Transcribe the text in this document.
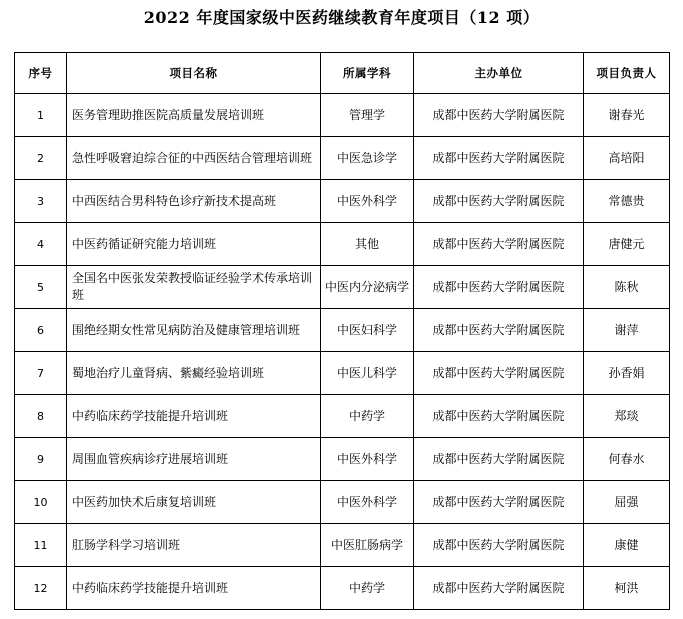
2022 年度国家级中医药继续教育年度项目（12 项）
序号	项目名称	所属学科	主办单位	项目负责人
1	医务管理助推医院高质量发展培训班	管理学	成都中医药大学附属医院	谢春光
2	急性呼吸窘迫综合征的中西医结合管理培训班	中医急诊学	成都中医药大学附属医院	高培阳
3	中西医结合男科特色诊疗新技术提高班	中医外科学	成都中医药大学附属医院	常德贵
4	中医药循证研究能力培训班	其他	成都中医药大学附属医院	唐健元
5	全国名中医张发荣教授临证经验学术传承培训班	中医内分泌病学	成都中医药大学附属医院	陈秋
6	围绝经期女性常见病防治及健康管理培训班	中医妇科学	成都中医药大学附属医院	谢萍
7	蜀地治疗儿童肾病、紫癜经验培训班	中医儿科学	成都中医药大学附属医院	孙香娟
8	中药临床药学技能提升培训班	中药学	成都中医药大学附属医院	郑琰
9	周围血管疾病诊疗进展培训班	中医外科学	成都中医药大学附属医院	何春水
10	中医药加快术后康复培训班	中医外科学	成都中医药大学附属医院	屈强
11	肛肠学科学习培训班	中医肛肠病学	成都中医药大学附属医院	康健
12	中药临床药学技能提升培训班	中药学	成都中医药大学附属医院	柯洪
